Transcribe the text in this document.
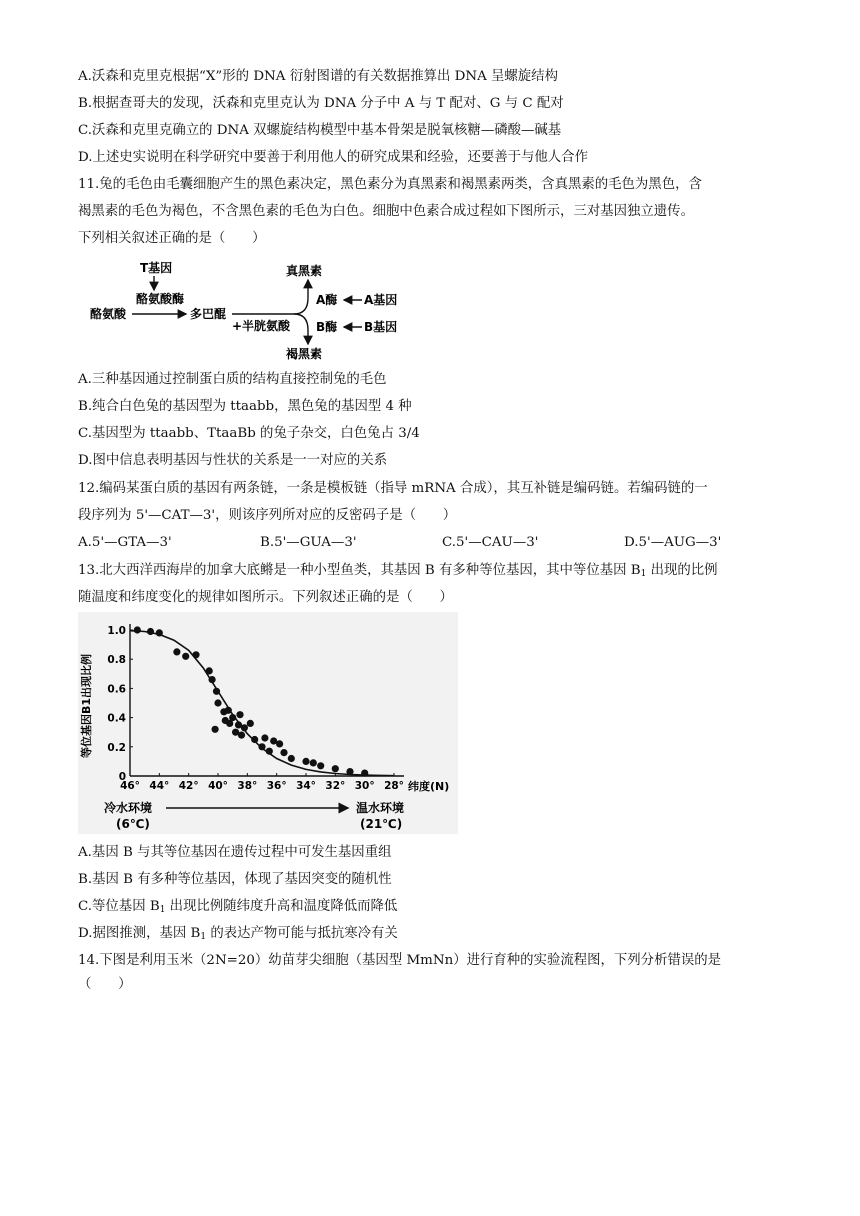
A.沃森和克里克根据“X”形的 DNA 衍射图谱的有关数据推算出 DNA 呈螺旋结构
B.根据查哥夫的发现，沃森和克里克认为 DNA 分子中 A 与 T 配对、G 与 C 配对
C.沃森和克里克确立的 DNA 双螺旋结构模型中基本骨架是脱氧核糖—磷酸—碱基
D.上述史实说明在科学研究中要善于利用他人的研究成果和经验，还要善于与他人合作
11.兔的毛色由毛囊细胞产生的黑色素决定，黑色素分为真黑素和褐黑素两类，含真黑素的毛色为黑色，含
褐黑素的毛色为褐色，不含黑色素的毛色为白色。细胞中色素合成过程如下图所示，三对基因独立遗传。
下列相关叙述正确的是（　　）
T基因
酪氨酸酶
酪氨酸	多巴醌
+半胱氨酸
真黑素
褐黑素
A酶 A基因
B酶 B基因
A.三种基因通过控制蛋白质的结构直接控制兔的毛色
B.纯合白色兔的基因型为 ttaabb，黑色兔的基因型 4 种
C.基因型为 ttaabb、TtaaBb 的兔子杂交，白色兔占 3/4
D.图中信息表明基因与性状的关系是一一对应的关系
12.编码某蛋白质的基因有两条链，一条是模板链（指导 mRNA 合成），其互补链是编码链。若编码链的一
段序列为 5'—CAT—3'，则该序列所对应的反密码子是（　　）
A.5'—GTA—3'	B.5'—GUA—3'	C.5'—CAU—3'	D.5'—AUG—3'
13.北大西洋西海岸的加拿大底鳉是一种小型鱼类，其基因 B 有多种等位基因，其中等位基因 $B_1$ 出现的比例
随温度和纬度变化的规律如图所示。下列叙述正确的是（　　）
46° 44° 42° 40° 38° 36° 34° 32° 30° 28°
0
0.2
0.4
0.6
0.8
1.0
等位基因B1出现比例
纬度(N)
冷水环境
(6℃)
温水环境
(21℃)
A.基因 B 与其等位基因在遗传过程中可发生基因重组
B.基因 B 有多种等位基因，体现了基因突变的随机性
C.等位基因 $B_1$ 出现比例随纬度升高和温度降低而降低
D.据图推测，基因 $B_1$ 的表达产物可能与抵抗寒冷有关
14.下图是利用玉米（2N=20）幼苗芽尖细胞（基因型 MmNn）进行育种的实验流程图，下列分析错误的是
（　　）
